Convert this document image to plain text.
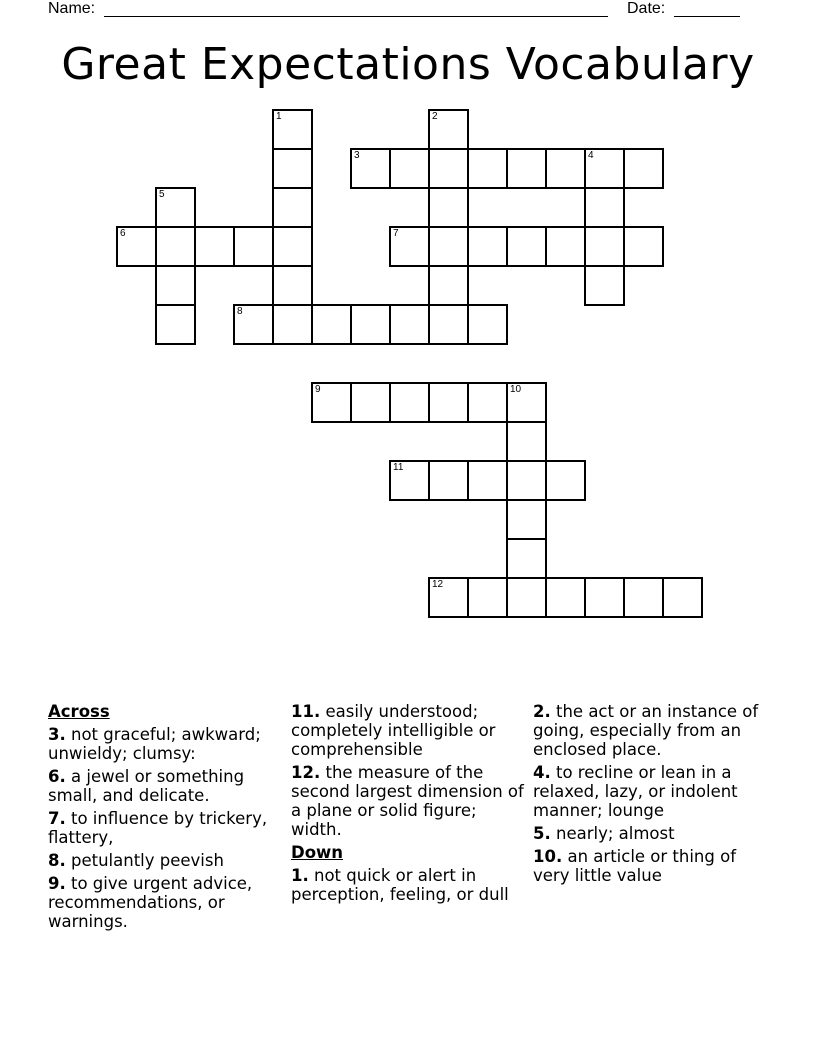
Name:	Date:
Great Expectations Vocabulary
1	2
3	4
5
6	7
8
9	10
11
12
Across
3. not graceful; awkward; unwieldy; clumsy:
6. a jewel or something small, and delicate.
7. to influence by trickery, flattery,
8. petulantly peevish
9. to give urgent advice, recommendations, or warnings.
11. easily understood; completely intelligible or comprehensible
12. the measure of the second largest dimension of a plane or solid figure; width.
Down
1. not quick or alert in perception, feeling, or dull
2. the act or an instance of going, especially from an enclosed place.
4. to recline or lean in a relaxed, lazy, or indolent manner; lounge
5. nearly; almost
10. an article or thing of very little value
